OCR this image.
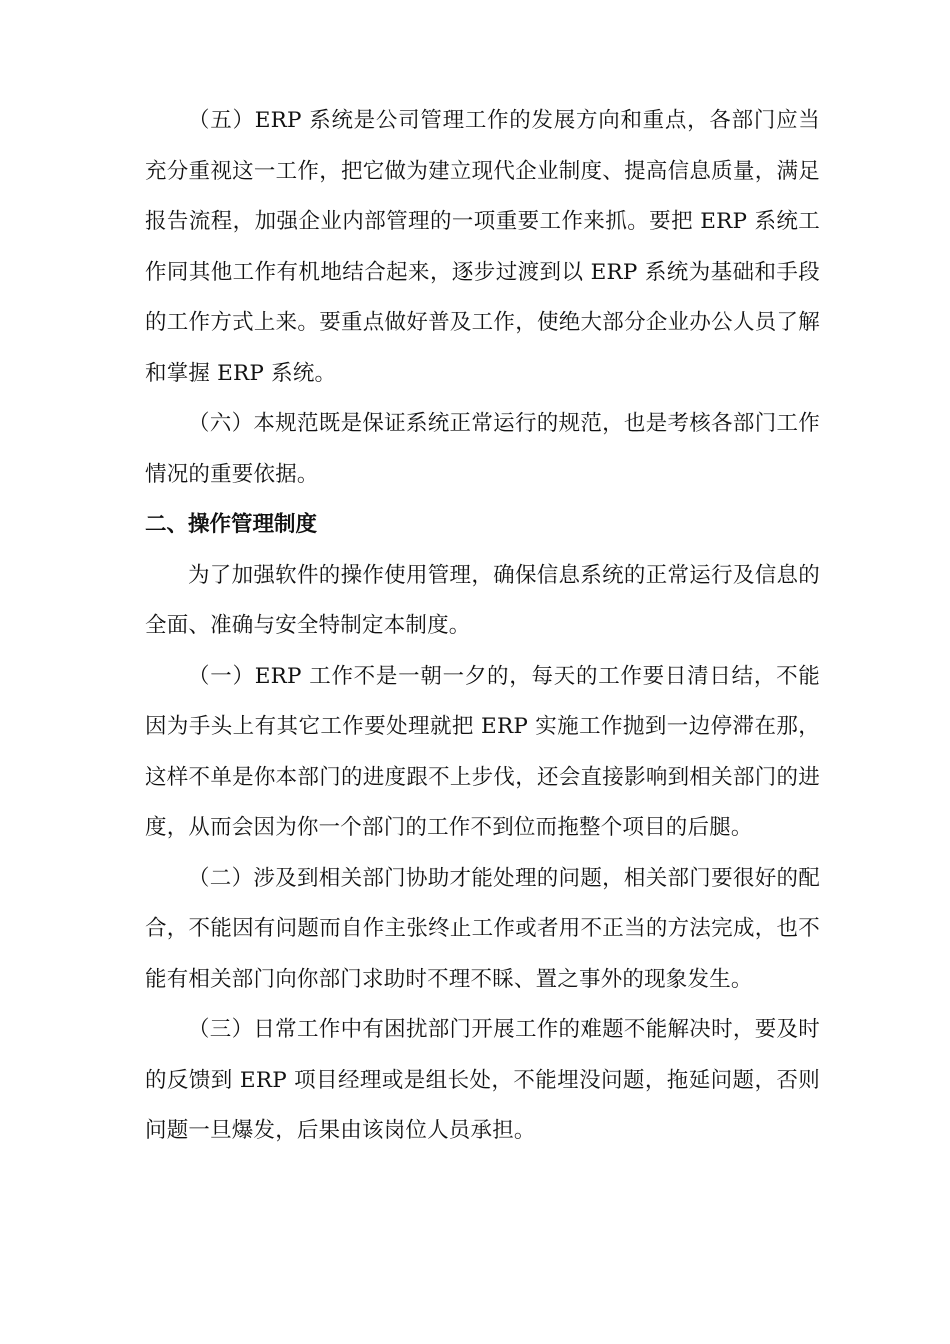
（五）ERP 系统是公司管理工作的发展方向和重点，各部门应当充分重视这一工作，把它做为建立现代企业制度、提高信息质量，满足报告流程，加强企业内部管理的一项重要工作来抓。要把 ERP 系统工作同其他工作有机地结合起来，逐步过渡到以 ERP 系统为基础和手段的工作方式上来。要重点做好普及工作，使绝大部分企业办公人员了解和掌握 ERP 系统。

（六）本规范既是保证系统正常运行的规范，也是考核各部门工作情况的重要依据。

二、操作管理制度

为了加强软件的操作使用管理，确保信息系统的正常运行及信息的全面、准确与安全特制定本制度。

（一）ERP 工作不是一朝一夕的，每天的工作要日清日结，不能因为手头上有其它工作要处理就把 ERP 实施工作抛到一边停滞在那，这样不单是你本部门的进度跟不上步伐，还会直接影响到相关部门的进度，从而会因为你一个部门的工作不到位而拖整个项目的后腿。

（二）涉及到相关部门协助才能处理的问题，相关部门要很好的配合，不能因有问题而自作主张终止工作或者用不正当的方法完成，也不能有相关部门向你部门求助时不理不睬、置之事外的现象发生。

（三）日常工作中有困扰部门开展工作的难题不能解决时，要及时的反馈到 ERP 项目经理或是组长处，不能埋没问题，拖延问题，否则问题一旦爆发，后果由该岗位人员承担。
